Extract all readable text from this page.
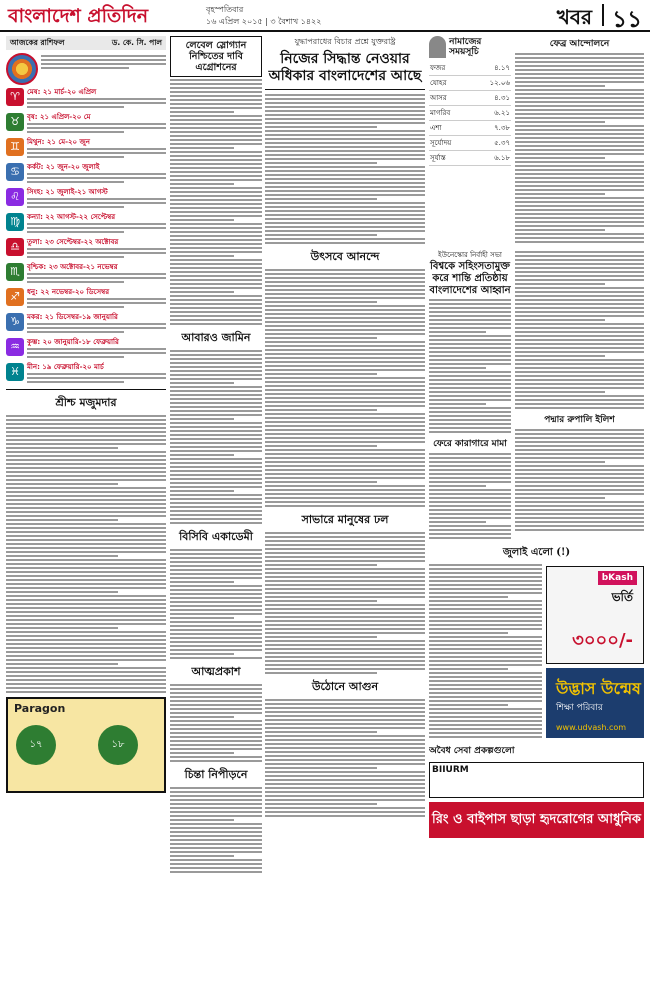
বাংলাদেশ প্রতিদিন	বৃহস্পতিবার
১৬ এপ্রিল ২০১৫ | ৩ বৈশাখ ১৪২২	খবর ১১
আজকের রাশিফল	ড. কে. সি. পাল
♈	মেষ: ২১ মার্চ-২০ এপ্রিল
♉	বৃষ: ২১ এপ্রিল-২০ মে
♊	মিথুন: ২১ মে-২০ জুন
♋	কর্কট: ২১ জুন-২০ জুলাই
♌	সিংহ: ২১ জুলাই-২১ আগস্ট
♍	কন্যা: ২২ আগস্ট-২২ সেপ্টেম্বর
♎	তুলা: ২৩ সেপ্টেম্বর-২২ অক্টোবর
♏	বৃশ্চিক: ২৩ অক্টোবর-২১ নভেম্বর
♐	ধনু: ২২ নভেম্বর-২০ ডিসেম্বর
♑	মকর: ২১ ডিসেম্বর-১৯ জানুয়ারি
♒	কুম্ভ: ২০ জানুয়ারি-১৮ ফেব্রুয়ারি
♓	মীন: ১৯ ফেব্রুয়ারি-২০ মার্চ
শ্রীশ্চ মজুমদার
Paragon
১৭	১৮
লেবেল স্লোগ্যান নিশ্চিতের দাবি এগ্রোশনের
আবারও জামিন
বিসিবি একাডেমী
আত্মপ্রকাশ
চিন্তা নিপীড়নে
যুদ্ধাপরাধের বিচার প্রশ্নে যুক্তরাষ্ট্র
নিজের সিদ্ধান্ত নেওয়ার অধিকার বাংলাদেশের আছে
উৎসবে আনন্দে
সাভারে মানুষের ঢল
উঠোনে আগুন
নামাজের সময়সূচি
ফজর	৪.১৭
যোহর	১২.০৬
আসর	৪.৩১
মাগরিব	৬.২১
এশা	৭.৩৮
সূর্যোদয়	৫.৩৭
সূর্যাস্ত	৬.১৮
ফেব্ৰ আন্দোলনে
ইউনেস্কোর নির্বাহী সভা
বিশ্বকে সহিংসতামুক্ত করে শান্তি প্রতিষ্ঠায় বাংলাদেশের আহ্বান
ফেরে কারাগারে মামা
পদ্মার রুপালি ইলিশ
জুলাই এলো (!)
bKash
ভর্তি
৩০০০/-
উদ্ভাস উন্মেষ
শিক্ষা পরিবার
www.udvash.com
অবৈধ সেবা প্রকল্পগুলো
BIIURM
রিং ও বাইপাস ছাড়া হৃদরোগের আধুনিক চিকিৎসা
